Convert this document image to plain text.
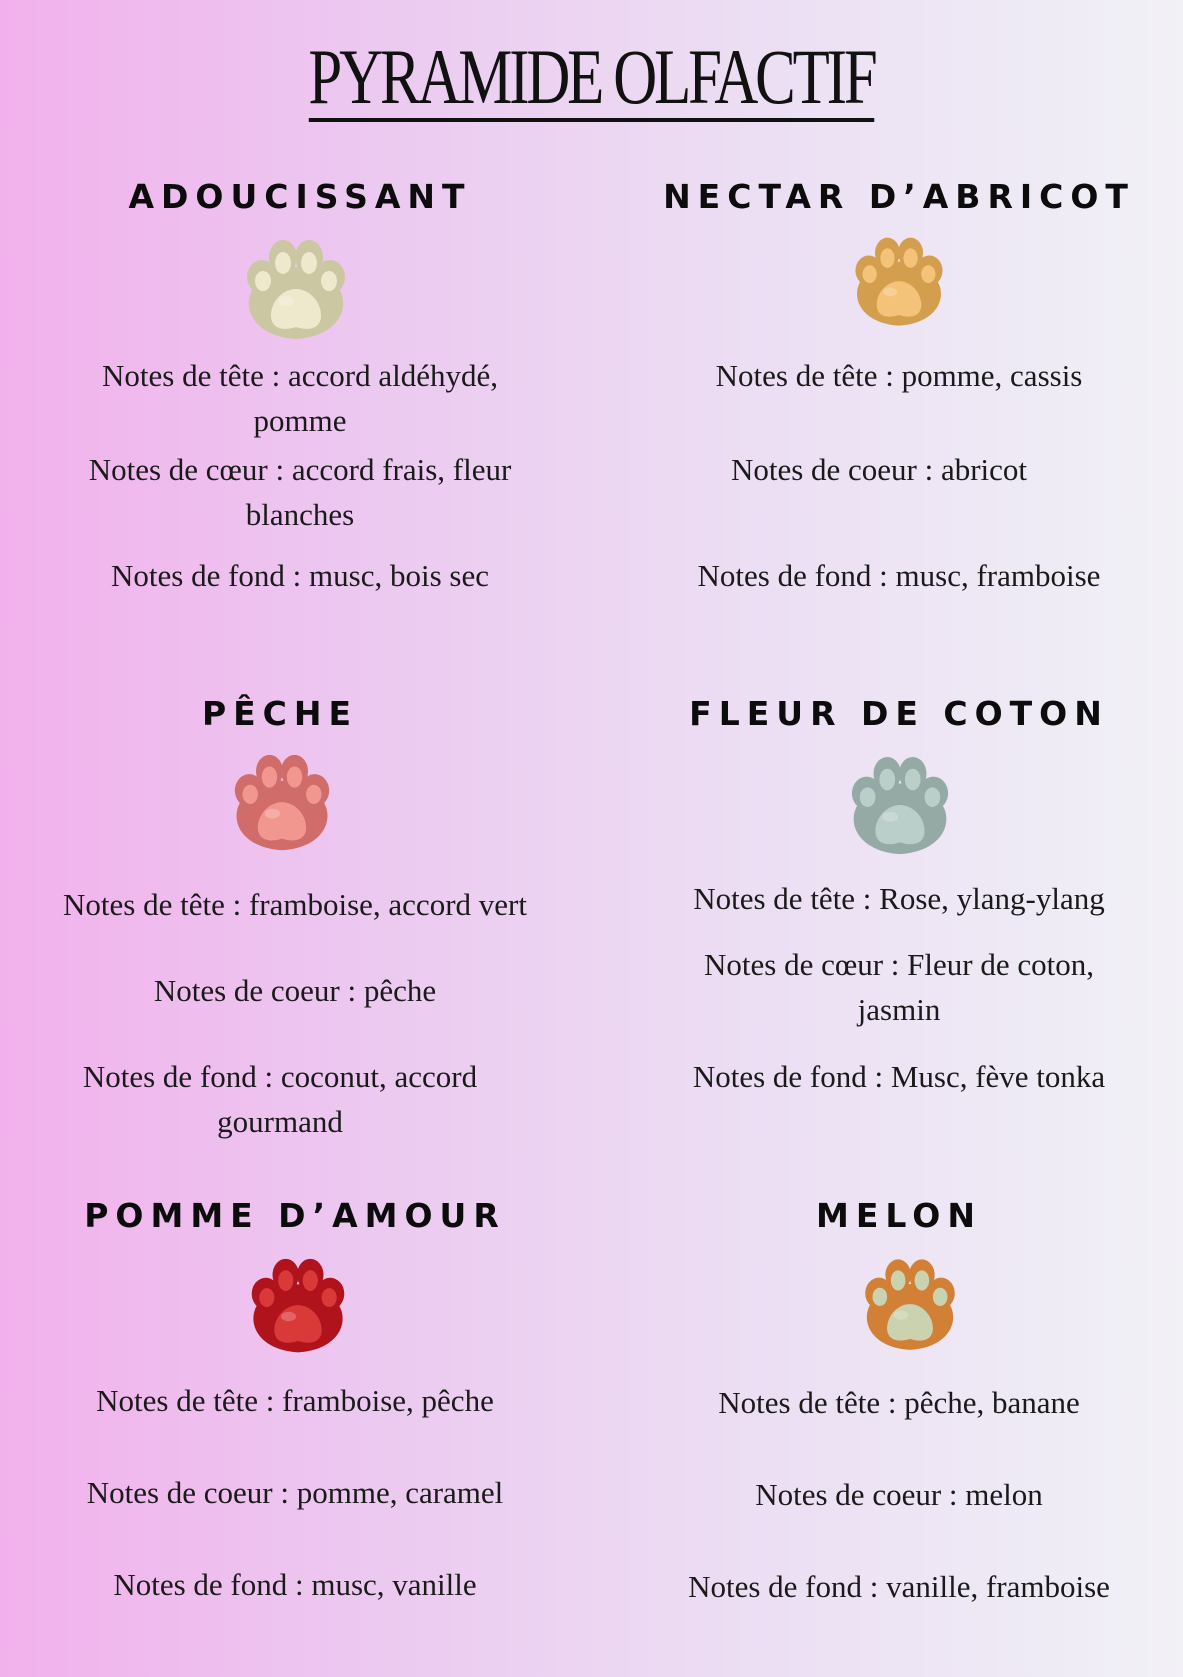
PYRAMIDE OLFACTIF
ADOUCISSANT
Notes de tête : accord aldéhydé, pomme
Notes de cœur : accord frais, fleur blanches
Notes de fond : musc, bois sec
NECTAR D’ABRICOT
Notes de tête : pomme, cassis
Notes de coeur : abricot
Notes de fond : musc, framboise
PÊCHE
Notes de tête : framboise, accord vert
Notes de coeur : pêche
Notes de fond : coconut, accord gourmand
FLEUR DE COTON
Notes de tête : Rose, ylang-ylang
Notes de cœur : Fleur de coton, jasmin
Notes de fond : Musc, fève tonka
POMME D’AMOUR
Notes de tête : framboise, pêche
Notes de coeur : pomme, caramel
Notes de fond : musc, vanille
MELON
Notes de tête : pêche, banane
Notes de coeur : melon
Notes de fond : vanille, framboise
